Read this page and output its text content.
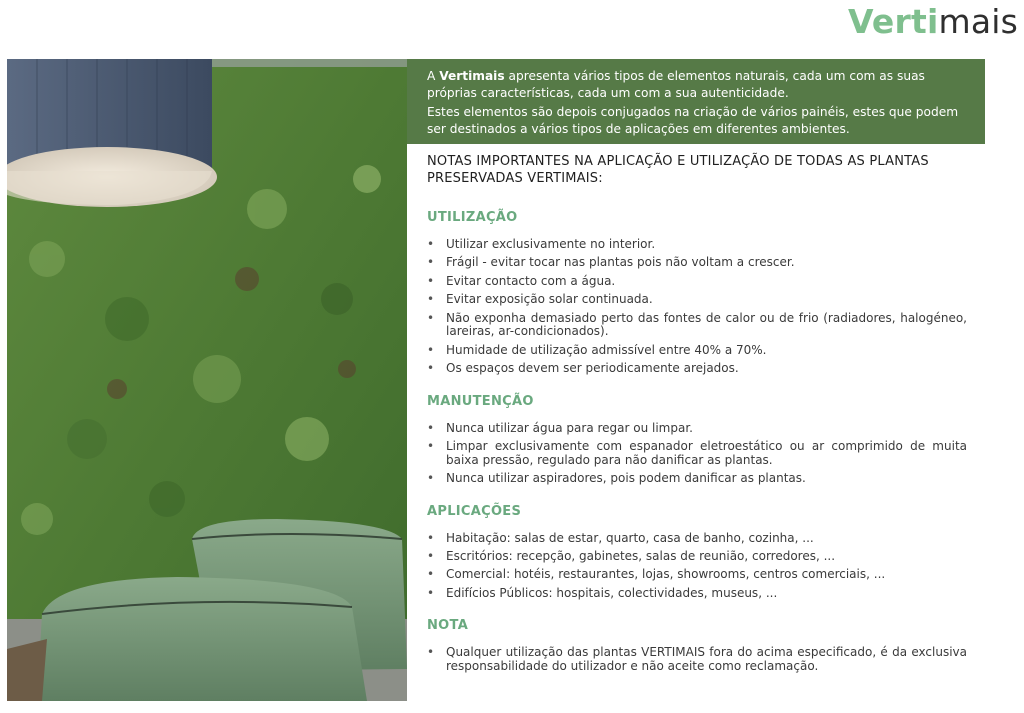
Vertimais

A Vertimais apresenta vários tipos de elementos naturais, cada um com as suas próprias características, cada um com a sua autenticidade.

Estes elementos são depois conjugados na criação de vários painéis, estes que podem ser destinados a vários tipos de aplicações em diferentes ambientes.

NOTAS IMPORTANTES NA APLICAÇÃO E UTILIZAÇÃO DE TODAS AS PLANTAS PRESERVADAS VERTIMAIS:
UTILIZAÇÃO
• Utilizar exclusivamente no interior.
• Frágil - evitar tocar nas plantas pois não voltam a crescer.
• Evitar contacto com a água.
• Evitar exposição solar continuada.
• Não exponha demasiado perto das fontes de calor ou de frio (radiadores, halogéneo, lareiras, ar-condicionados).
• Humidade de utilização admissível entre 40% a 70%.
• Os espaços devem ser periodicamente arejados.
MANUTENÇÃO
• Nunca utilizar água para regar ou limpar.
• Limpar exclusivamente com espanador eletroestático ou ar comprimido de muita baixa pressão, regulado para não danificar as plantas.
• Nunca utilizar aspiradores, pois podem danificar as plantas.
APLICAÇÕES
• Habitação: salas de estar, quarto, casa de banho, cozinha, ...
• Escritórios: recepção, gabinetes, salas de reunião, corredores, ...
• Comercial: hotéis, restaurantes, lojas, showrooms, centros comerciais, ...
• Edifícios Públicos: hospitais, colectividades, museus, ...
NOTA
• Qualquer utilização das plantas VERTIMAIS fora do acima especificado, é da exclusiva responsabilidade do utilizador e não aceite como reclamação.
